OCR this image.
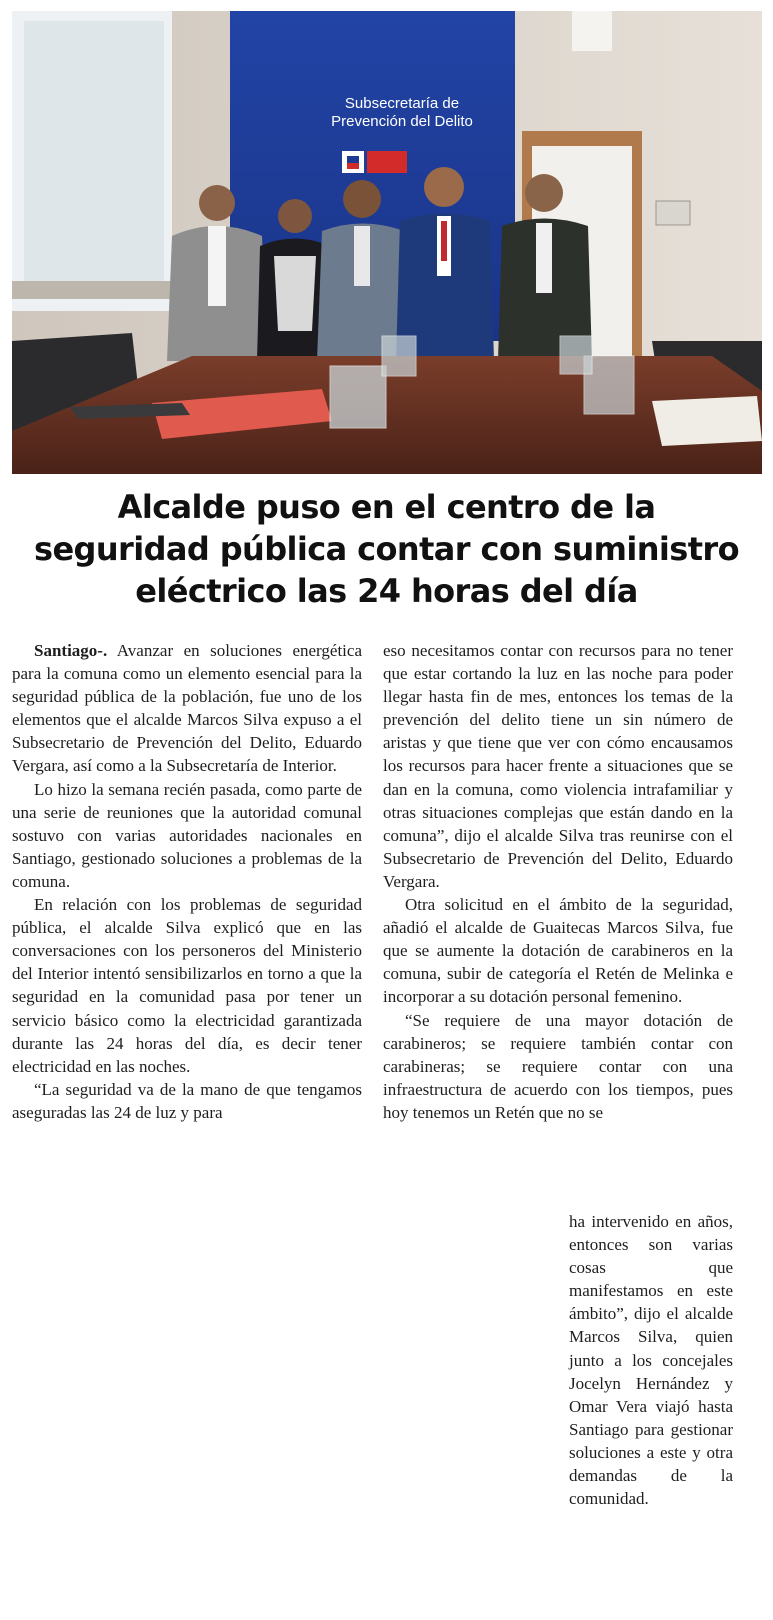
Subsecretaría de
Prevención del Delito
Alcalde puso en el centro de la
seguridad pública contar con suministro
eléctrico las 24 horas del día

Santiago-. Avanzar en soluciones energética para la comuna como un elemento esencial para la seguridad pública de la población, fue uno de los elementos que el alcalde Marcos Silva expuso a el Subsecretario de Prevención del Delito, Eduardo Vergara, así como a la Subsecretaría de Interior.

Lo hizo la semana recién pasada, como parte de una serie de reuniones que la autoridad comunal sostuvo con varias autoridades nacionales en Santiago, gestionado soluciones a problemas de la comuna.

En relación con los problemas de seguridad pública, el alcalde Silva explicó que en las conversaciones con los personeros del Ministerio del Interior intentó sensibilizarlos en torno a que la seguridad en la comunidad pasa por tener un servicio básico como la electricidad garantizada durante las 24 horas del día, es decir tener electricidad en las noches.

“La seguridad va de la mano de que tengamos aseguradas las 24 de luz y para

eso necesitamos contar con recursos para no tener que estar cortando la luz en las noche para poder llegar hasta fin de mes, entonces los temas de la prevención del delito tiene un sin número de aristas y que tiene que ver con cómo encausamos los recursos para hacer frente a situaciones que se dan en la comuna, como violencia intrafamiliar y otras situaciones complejas que están dando en la comuna”, dijo el alcalde Silva tras reunirse con el Subsecretario de Prevención del Delito, Eduardo Vergara.

Otra solicitud en el ámbito de la seguridad, añadió el alcalde de Guaitecas Marcos Silva, fue que se aumente la dotación de carabineros en la comuna, subir de categoría el Retén de Melinka e incorporar a su dotación personal femenino.

“Se requiere de una mayor dotación de carabineros; se requiere también contar con carabineras; se requiere contar con una infraestructura de acuerdo con los tiempos, pues hoy tenemos un Retén que no se

ha intervenido en años, entonces son varias cosas que manifestamos en este ámbito”, dijo el alcalde Marcos Silva, quien junto a los concejales Jocelyn Hernández y Omar Vera viajó hasta Santiago para gestionar soluciones a este y otra demandas de la comunidad.
